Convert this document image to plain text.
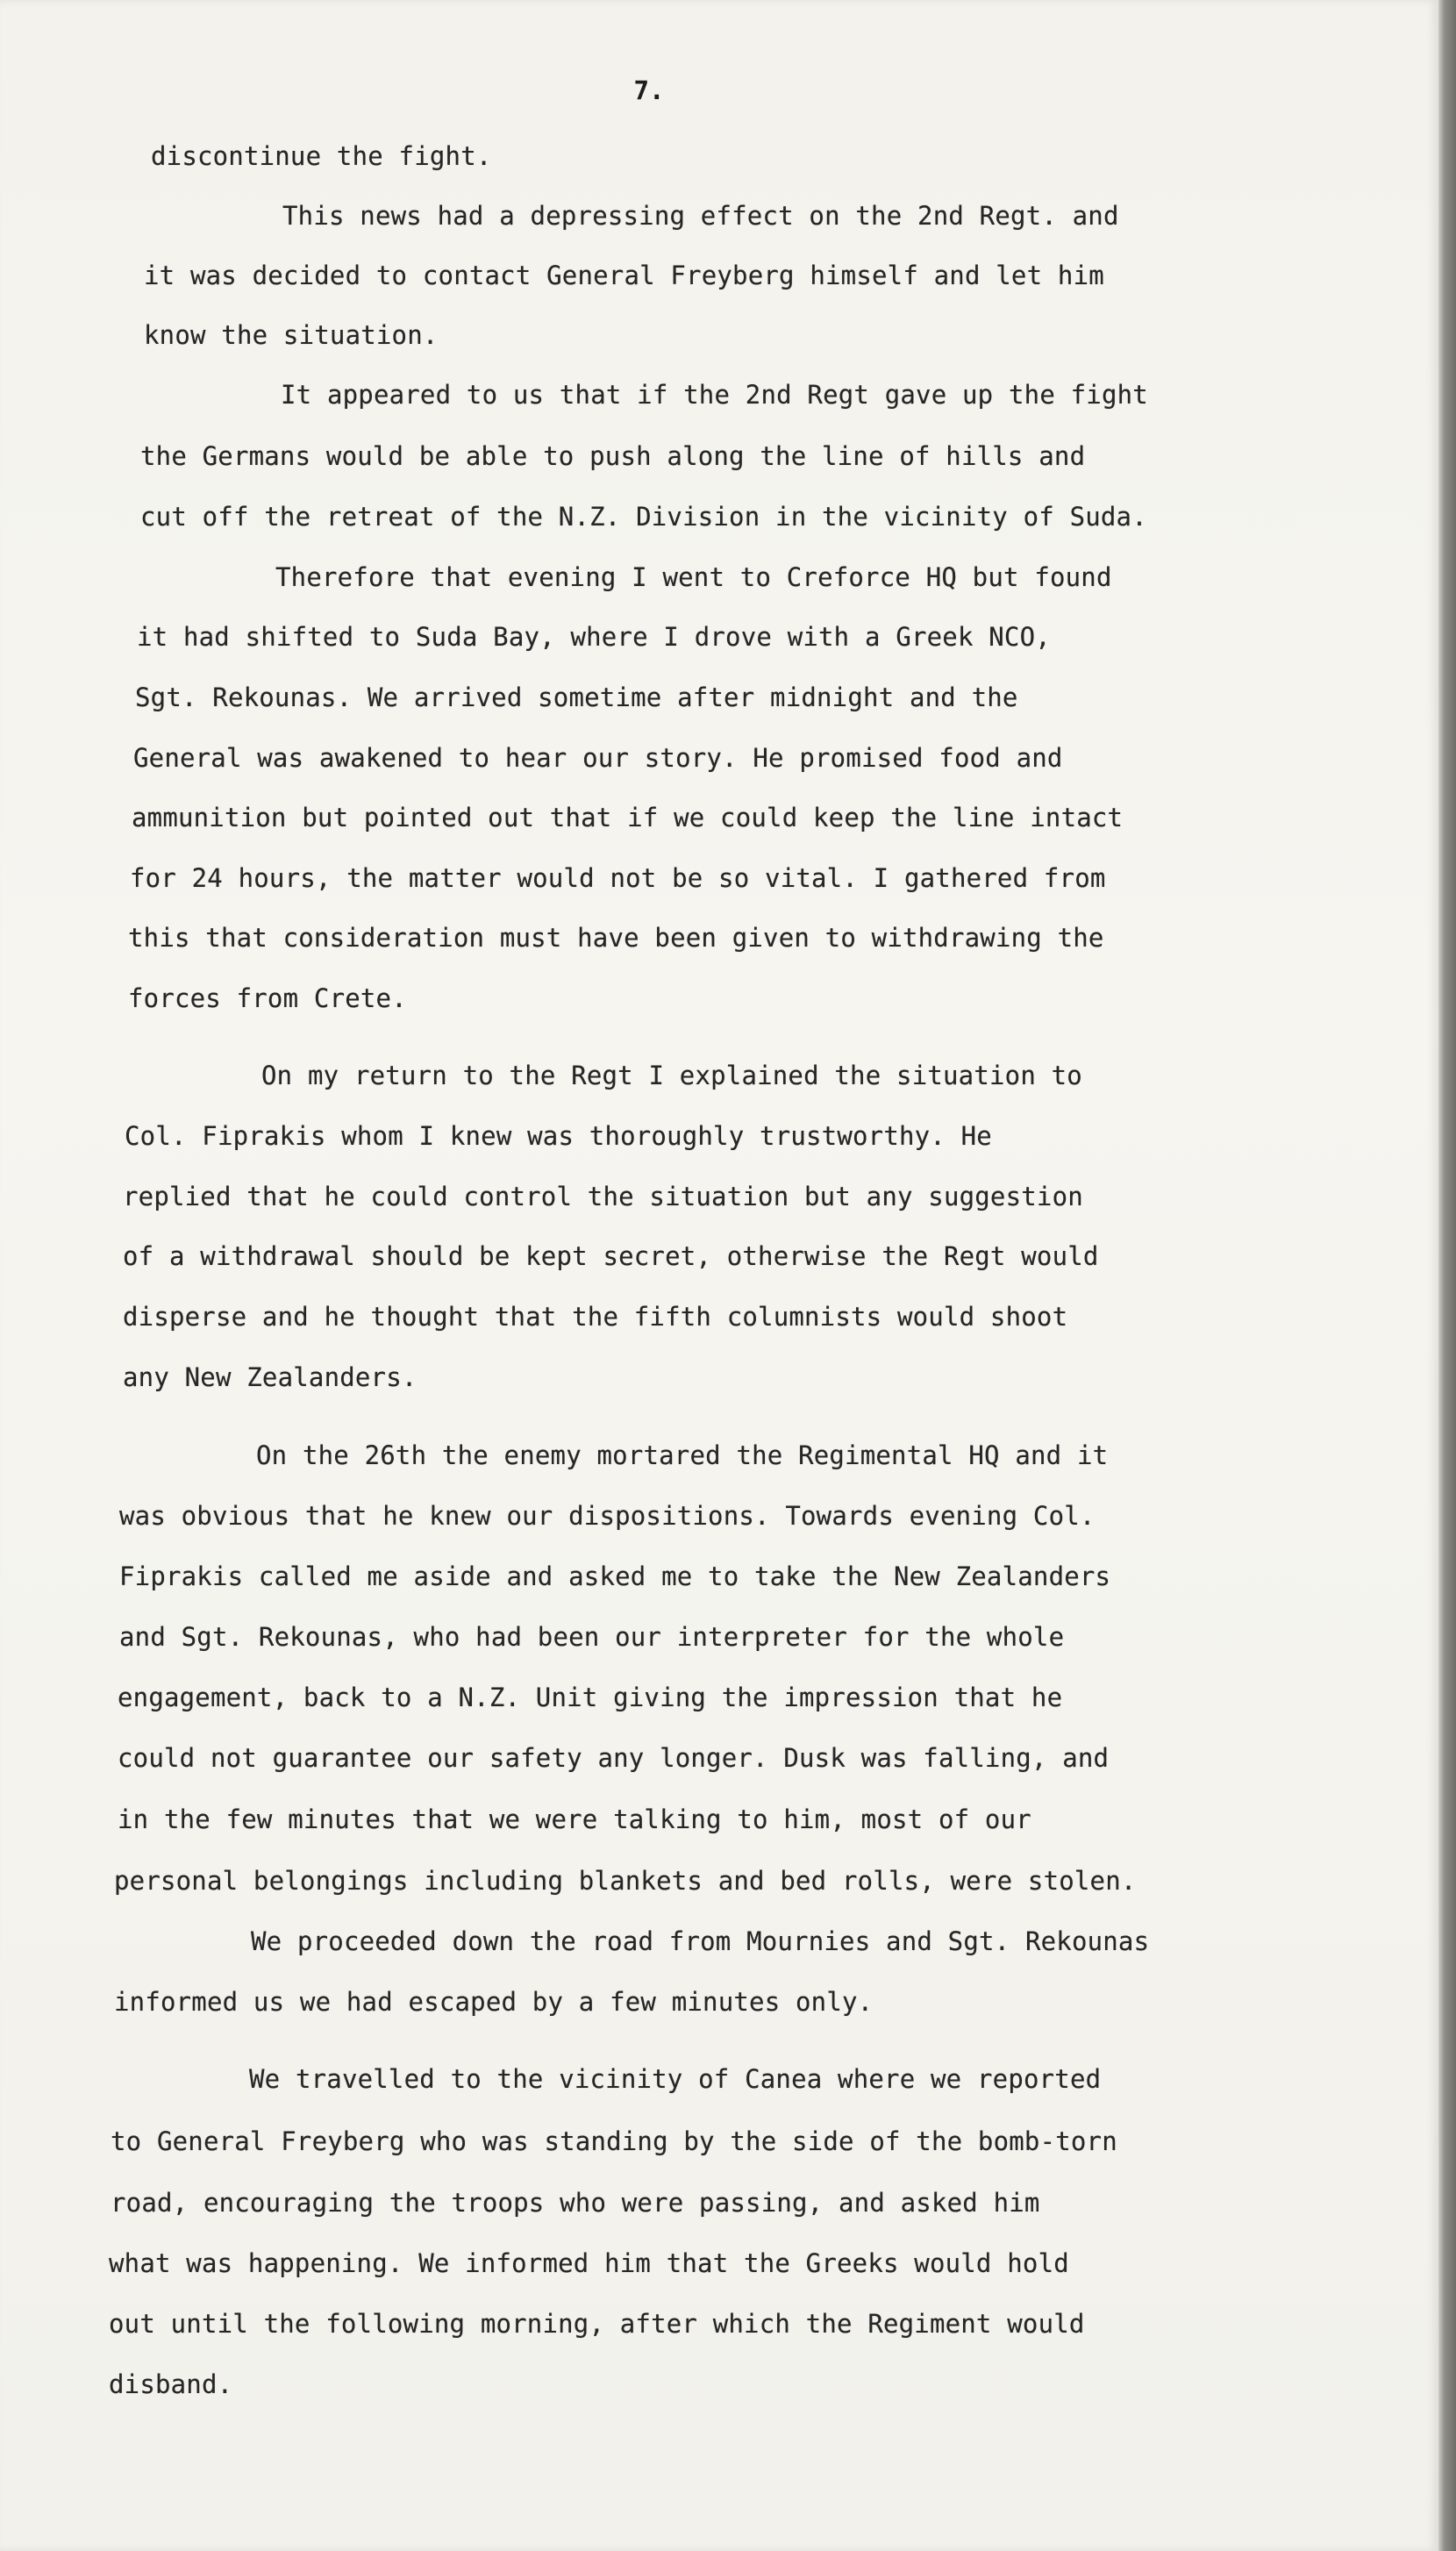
7.
discontinue the fight.
This news had a depressing effect on the 2nd Regt. and
it was decided to contact General Freyberg himself and let him
know the situation.
It appeared to us that if the 2nd Regt gave up the fight
the Germans would be able to push along the line of hills and
cut off the retreat of the N.Z. Division in the vicinity of Suda.
Therefore that evening I went to Creforce HQ but found
it had shifted to Suda Bay, where I drove with a Greek NCO,
Sgt. Rekounas. We arrived sometime after midnight and the
General was awakened to hear our story. He promised food and
ammunition but pointed out that if we could keep the line intact
for 24 hours, the matter would not be so vital. I gathered from
this that consideration must have been given to withdrawing the
forces from Crete.
On my return to the Regt I explained the situation to
Col. Fiprakis whom I knew was thoroughly trustworthy. He
replied that he could control the situation but any suggestion
of a withdrawal should be kept secret, otherwise the Regt would
disperse and he thought that the fifth columnists would shoot
any New Zealanders.
On the 26th the enemy mortared the Regimental HQ and it
was obvious that he knew our dispositions. Towards evening Col.
Fiprakis called me aside and asked me to take the New Zealanders
and Sgt. Rekounas, who had been our interpreter for the whole
engagement, back to a N.Z. Unit giving the impression that he
could not guarantee our safety any longer. Dusk was falling, and
in the few minutes that we were talking to him, most of our
personal belongings including blankets and bed rolls, were stolen.
We proceeded down the road from Mournies and Sgt. Rekounas
informed us we had escaped by a few minutes only.
We travelled to the vicinity of Canea where we reported
to General Freyberg who was standing by the side of the bomb-torn
road, encouraging the troops who were passing, and asked him
what was happening. We informed him that the Greeks would hold
out until the following morning, after which the Regiment would
disband.
